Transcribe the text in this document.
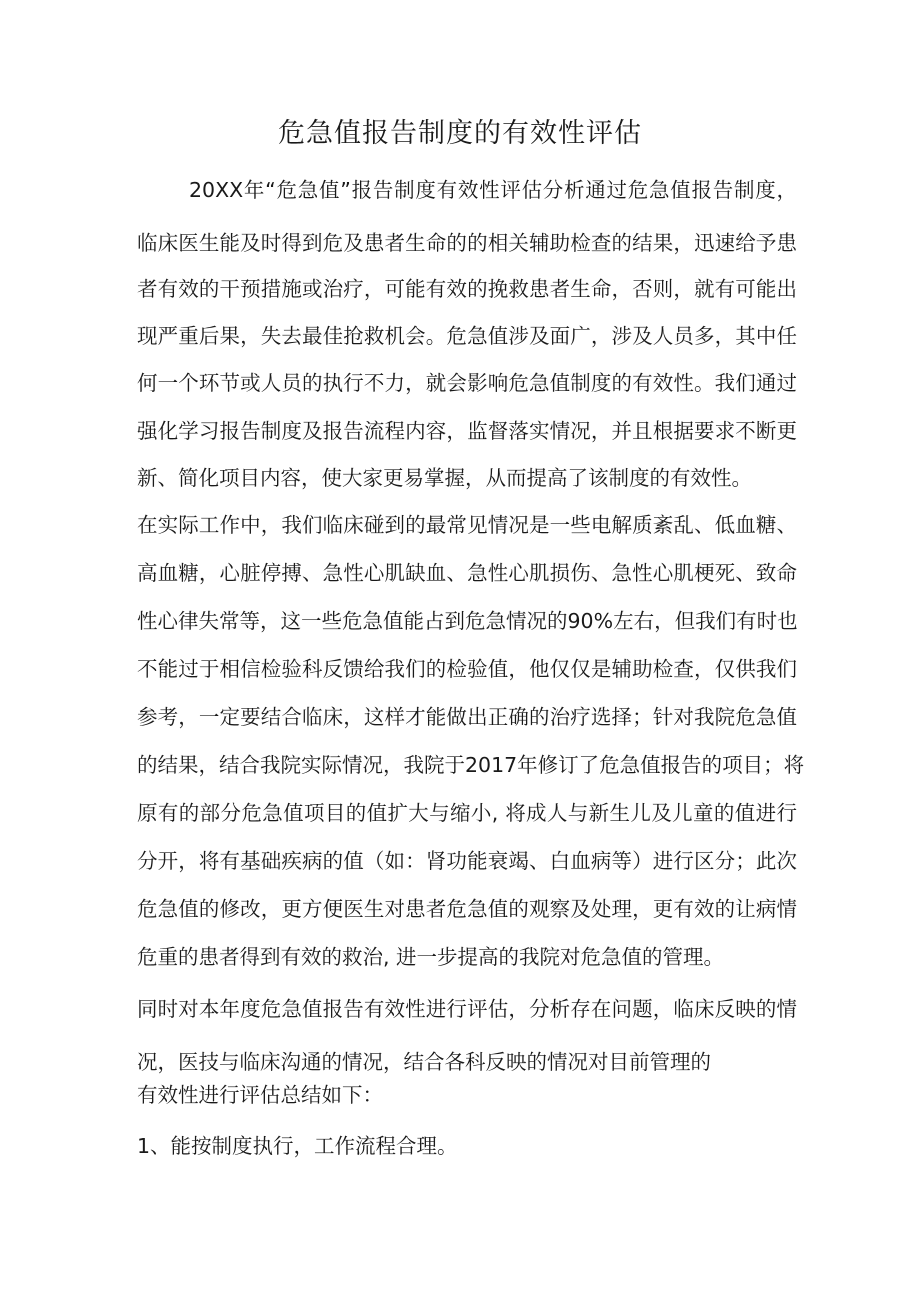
危急值报告制度的有效性评估
20XX年“危急值”报告制度有效性评估分析通过危急值报告制度，
临床医生能及时得到危及患者生命的的相关辅助检查的结果，迅速给予患
者有效的干预措施或治疗，可能有效的挽救患者生命，否则，就有可能出
现严重后果，失去最佳抢救机会。危急值涉及面广，涉及人员多，其中任
何一个环节或人员的执行不力，就会影响危急值制度的有效性。我们通过
强化学习报告制度及报告流程内容，监督落实情况，并且根据要求不断更
新、简化项目内容，使大家更易掌握，从而提高了该制度的有效性。
在实际工作中，我们临床碰到的最常见情况是一些电解质紊乱、低血糖、
高血糖，心脏停搏、急性心肌缺血、急性心肌损伤、急性心肌梗死、致命
性心律失常等，这一些危急值能占到危急情况的90%左右，但我们有时也
不能过于相信检验科反馈给我们的检验值，他仅仅是辅助检查，仅供我们
参考，一定要结合临床，这样才能做出正确的治疗选择；针对我院危急值
的结果，结合我院实际情况，我院于2017年修订了危急值报告的项目；将
原有的部分危急值项目的值扩大与缩小, 将成人与新生儿及儿童的值进行
分开，将有基础疾病的值（如：肾功能衰竭、白血病等）进行区分；此次
危急值的修改，更方便医生对患者危急值的观察及处理，更有效的让病情
危重的患者得到有效的救治, 进一步提高的我院对危急值的管理。
同时对本年度危急值报告有效性进行评估，分析存在问题，临床反映的情
况，医技与临床沟通的情况，结合各科反映的情况对目前管理的
有效性进行评估总结如下：
1、能按制度执行，工作流程合理。
